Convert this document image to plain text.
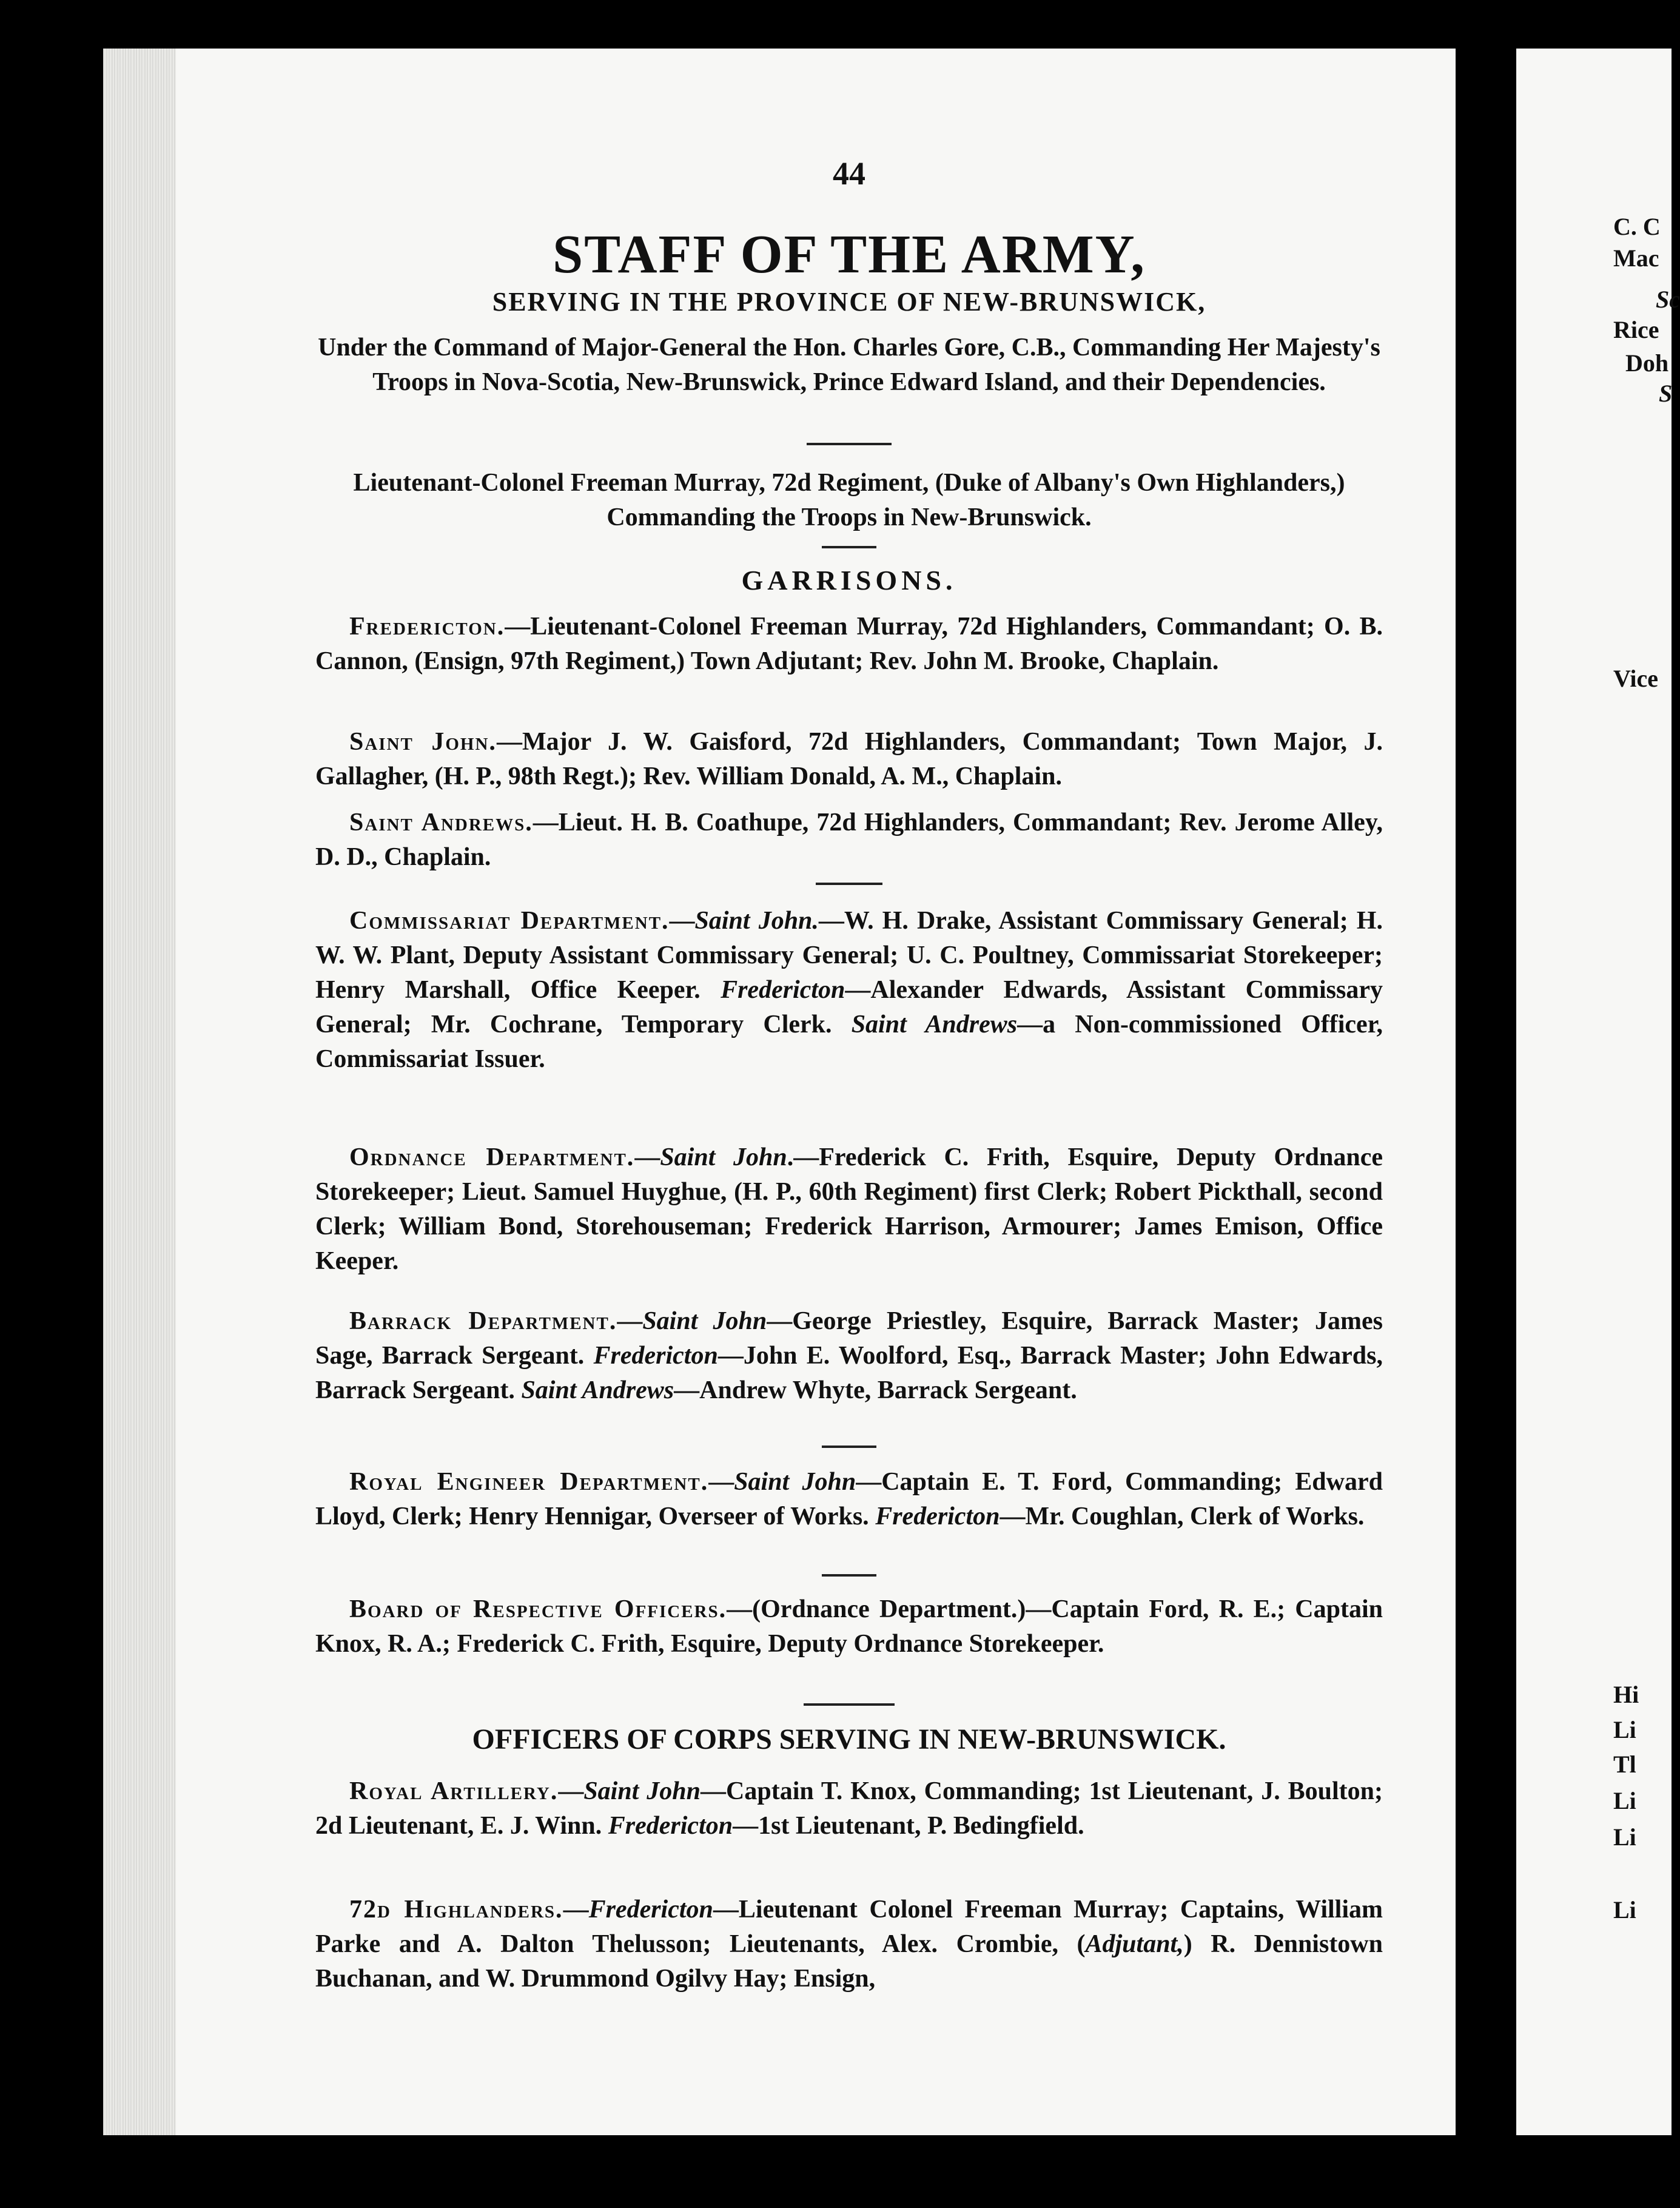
C. C
Mac
Sc
Rice
Doh
S
Vice
Hi
Li
Tl
Li
Li
Li
44
STAFF OF THE ARMY,
SERVING IN THE PROVINCE OF NEW-BRUNSWICK,
Under the Command of Major-General the Hon. Charles Gore, C.B., Commanding Her Majesty's Troops in Nova-Scotia, New-Brunswick, Prince Edward Island, and their Dependencies.
Lieutenant-Colonel Freeman Murray, 72d Regiment, (Duke of Albany's Own Highlanders,) Commanding the Troops in New-Brunswick.
GARRISONS.
Fredericton.—Lieutenant-Colonel Freeman Murray, 72d Highlanders, Commandant; O. B. Cannon, (Ensign, 97th Regiment,) Town Adjutant; Rev. John M. Brooke, Chaplain.
Saint John.—Major J. W. Gaisford, 72d Highlanders, Commandant; Town Major, J. Gallagher, (H. P., 98th Regt.); Rev. William Donald, A. M., Chaplain.
Saint Andrews.—Lieut. H. B. Coathupe, 72d Highlanders, Commandant; Rev. Jerome Alley, D. D., Chaplain.
Commissariat Department.—Saint John.—W. H. Drake, Assistant Commissary General; H. W. W. Plant, Deputy Assistant Commissary General; U. C. Poultney, Commissariat Storekeeper; Henry Marshall, Office Keeper. Fredericton—Alexander Edwards, Assistant Commissary General; Mr. Cochrane, Temporary Clerk. Saint Andrews—a Non-commissioned Officer, Commissariat Issuer.
Ordnance Department.—Saint John.—Frederick C. Frith, Esquire, Deputy Ordnance Storekeeper; Lieut. Samuel Huyghue, (H. P., 60th Regiment) first Clerk; Robert Pickthall, second Clerk; William Bond, Storehouseman; Frederick Harrison, Armourer; James Emison, Office Keeper.
Barrack Department.—Saint John—George Priestley, Esquire, Barrack Master; James Sage, Barrack Sergeant. Fredericton—John E. Woolford, Esq., Barrack Master; John Edwards, Barrack Sergeant. Saint Andrews—Andrew Whyte, Barrack Sergeant.
Royal Engineer Department.—Saint John—Captain E. T. Ford, Commanding; Edward Lloyd, Clerk; Henry Hennigar, Overseer of Works. Fredericton—Mr. Coughlan, Clerk of Works.
Board of Respective Officers.—(Ordnance Department.)—Captain Ford, R. E.; Captain Knox, R. A.; Frederick C. Frith, Esquire, Deputy Ordnance Storekeeper.
OFFICERS OF CORPS SERVING IN NEW-BRUNSWICK.
Royal Artillery.—Saint John—Captain T. Knox, Commanding; 1st Lieutenant, J. Boulton; 2d Lieutenant, E. J. Winn. Fredericton—1st Lieutenant, P. Bedingfield.
72d Highlanders.—Fredericton—Lieutenant Colonel Freeman Murray; Captains, William Parke and A. Dalton Thelusson; Lieutenants, Alex. Crombie, (Adjutant,) R. Dennistown Buchanan, and W. Drummond Ogilvy Hay; Ensign,
